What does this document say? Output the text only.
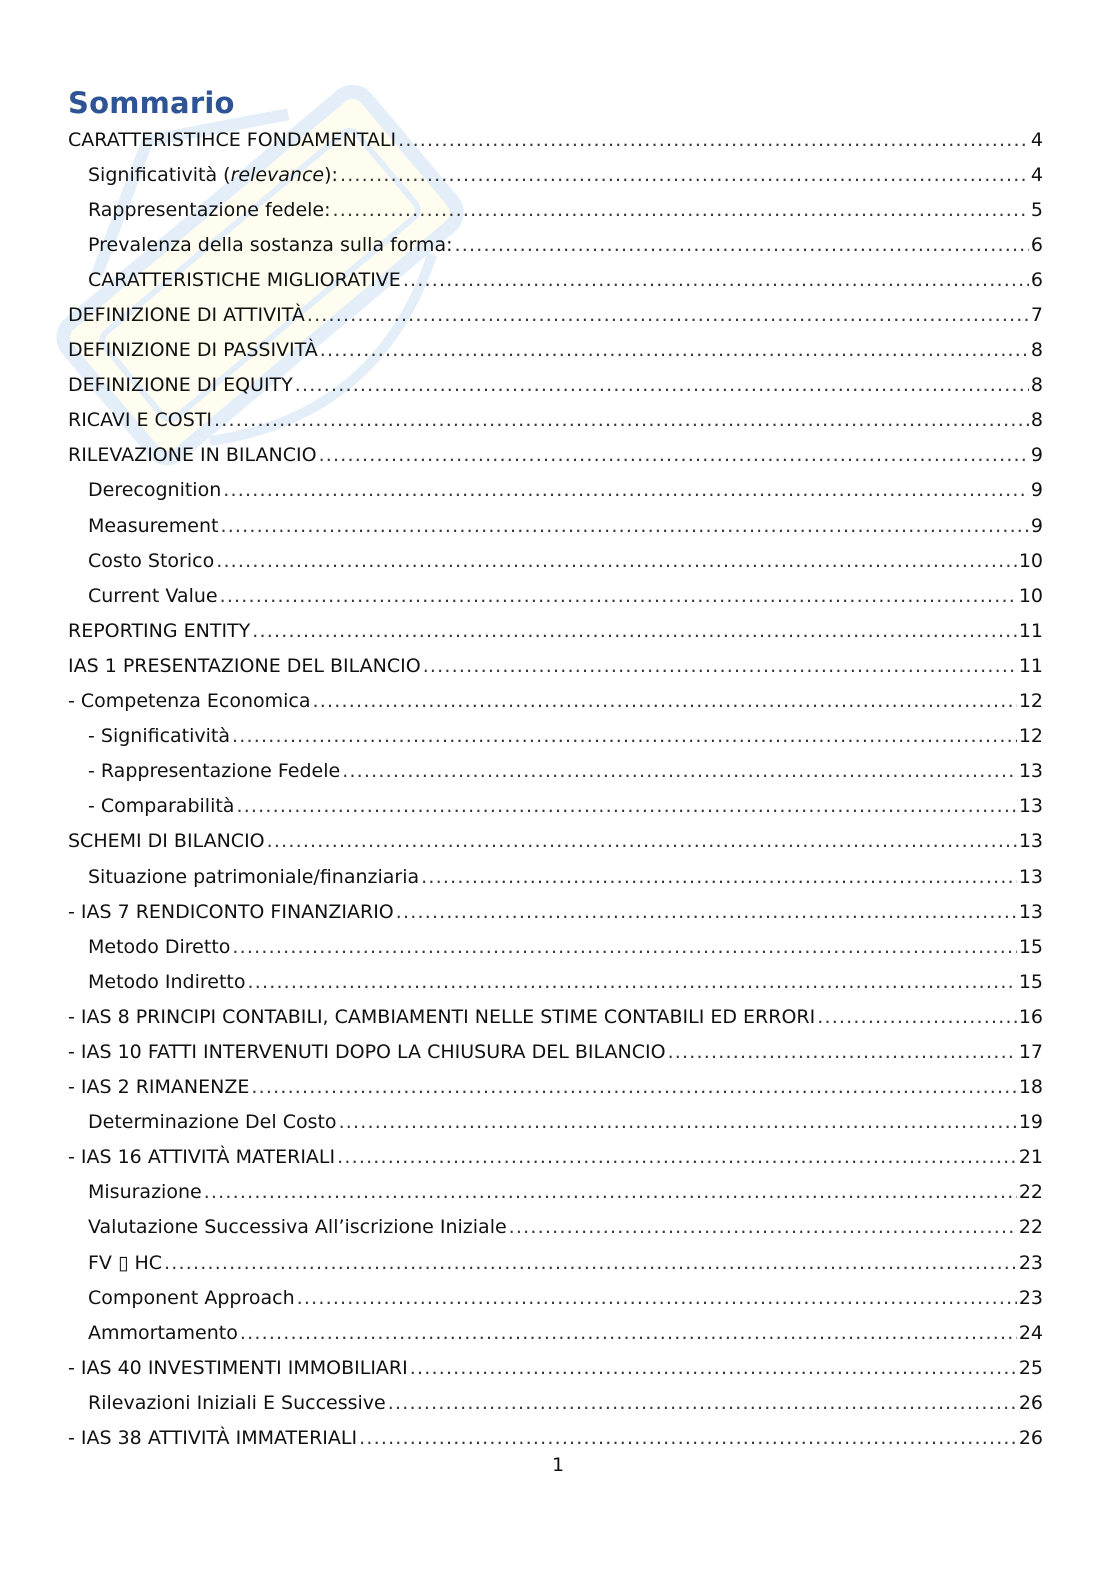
Sommario
CARATTERISTIHCE FONDAMENTALI .....	4
Significatività (relevance): .....	4
Rappresentazione fedele: .....	5
Prevalenza della sostanza sulla forma: .....	6
CARATTERISTICHE MIGLIORATIVE .....	6
DEFINIZIONE DI ATTIVITÀ .....	7
DEFINIZIONE DI PASSIVITÀ .....	8
DEFINIZIONE DI EQUITY .....	8
RICAVI E COSTI .....	8
RILEVAZIONE IN BILANCIO .....	9
Derecognition .....	9
Measurement .....	9
Costo Storico .....	10
Current Value .....	10
REPORTING ENTITY .....	11
IAS 1 PRESENTAZIONE DEL BILANCIO .....	11
- Competenza Economica .....	12
- Significatività .....	12
- Rappresentazione Fedele .....	13
- Comparabilità .....	13
SCHEMI DI BILANCIO .....	13
Situazione patrimoniale/finanziaria .....	13
- IAS 7 RENDICONTO FINANZIARIO .....	13
Metodo Diretto .....	15
Metodo Indiretto .....	15
- IAS 8 PRINCIPI CONTABILI, CAMBIAMENTI NELLE STIME CONTABILI ED ERRORI .....	16
- IAS 10 FATTI INTERVENUTI DOPO LA CHIUSURA DEL BILANCIO .....	17
- IAS 2 RIMANENZE .....	18
Determinazione Del Costo .....	19
- IAS 16 ATTIVITÀ MATERIALI .....	21
Misurazione .....	22
Valutazione Successiva All’iscrizione Iniziale .....	22
FV ▯ HC .....	23
Component Approach .....	23
Ammortamento .....	24
- IAS 40 INVESTIMENTI IMMOBILIARI .....	25
Rilevazioni Iniziali E Successive .....	26
- IAS 38 ATTIVITÀ IMMATERIALI .....	26

1
